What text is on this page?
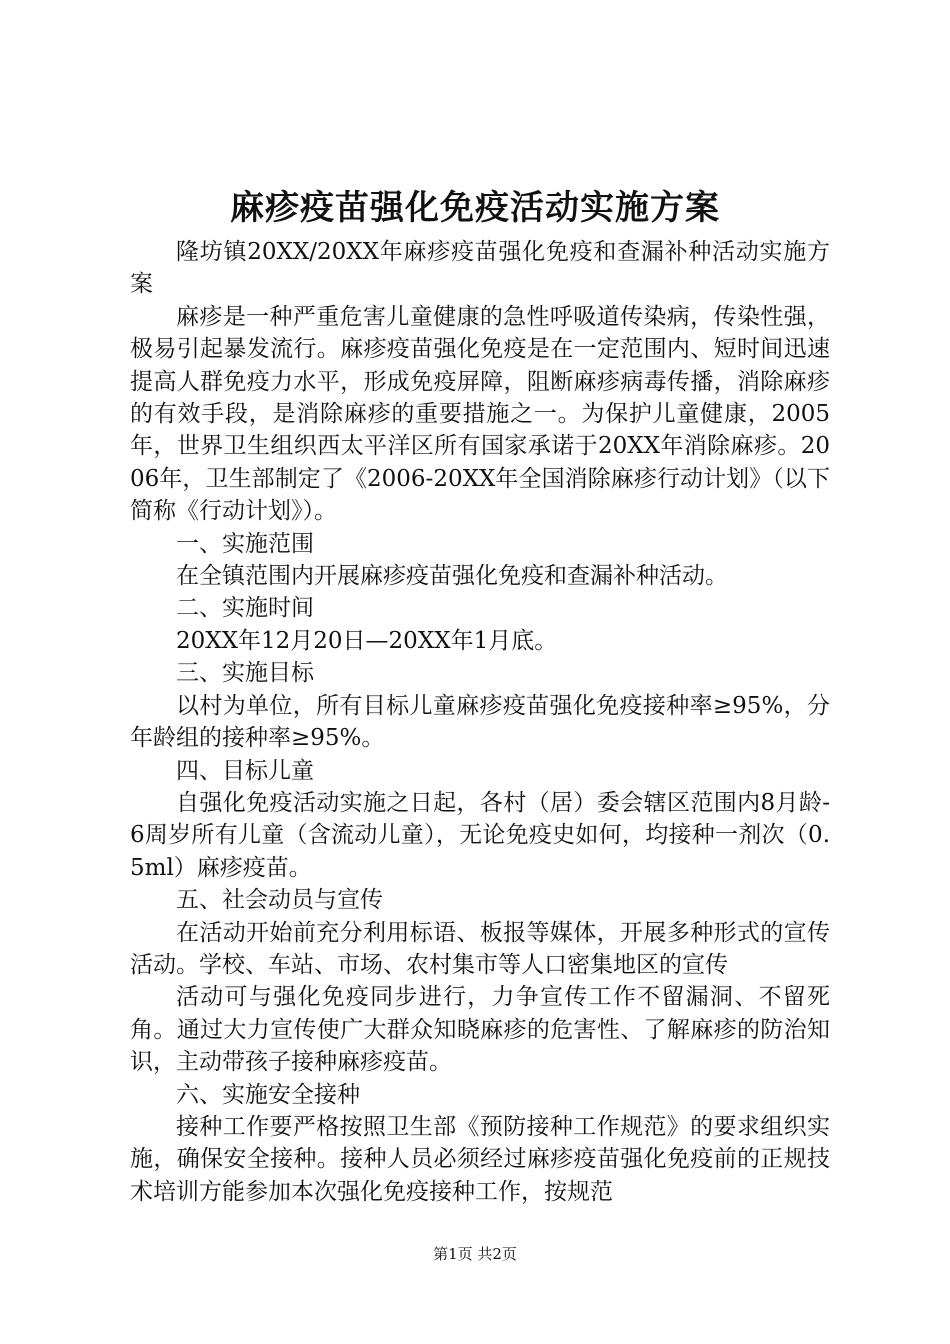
麻疹疫苗强化免疫活动实施方案

隆坊镇20XX/20XX年麻疹疫苗强化免疫和查漏补种活动实施方案

麻疹是一种严重危害儿童健康的急性呼吸道传染病，传染性强，极易引起暴发流行。麻疹疫苗强化免疫是在一定范围内、短时间迅速提高人群免疫力水平，形成免疫屏障，阻断麻疹病毒传播，消除麻疹的有效手段，是消除麻疹的重要措施之一。为保护儿童健康，2005年，世界卫生组织西太平洋区所有国家承诺于20XX年消除麻疹。2006年，卫生部制定了《2006-20XX年全国消除麻疹行动计划》（以下简称《行动计划》）。

一、实施范围

在全镇范围内开展麻疹疫苗强化免疫和查漏补种活动。

二、实施时间

20XX年12月20日—20XX年1月底。

三、实施目标

以村为单位，所有目标儿童麻疹疫苗强化免疫接种率≥95%，分年龄组的接种率≥95%。

四、目标儿童

自强化免疫活动实施之日起，各村（居）委会辖区范围内8月龄-6周岁所有儿童（含流动儿童），无论免疫史如何，均接种一剂次（0.5ml）麻疹疫苗。

五、社会动员与宣传

在活动开始前充分利用标语、板报等媒体，开展多种形式的宣传活动。学校、车站、市场、农村集市等人口密集地区的宣传

活动可与强化免疫同步进行，力争宣传工作不留漏洞、不留死角。通过大力宣传使广大群众知晓麻疹的危害性、了解麻疹的防治知识，主动带孩子接种麻疹疫苗。

六、实施安全接种

接种工作要严格按照卫生部《预防接种工作规范》的要求组织实施，确保安全接种。接种人员必须经过麻疹疫苗强化免疫前的正规技术培训方能参加本次强化免疫接种工作，按规范

第1页 共2页
